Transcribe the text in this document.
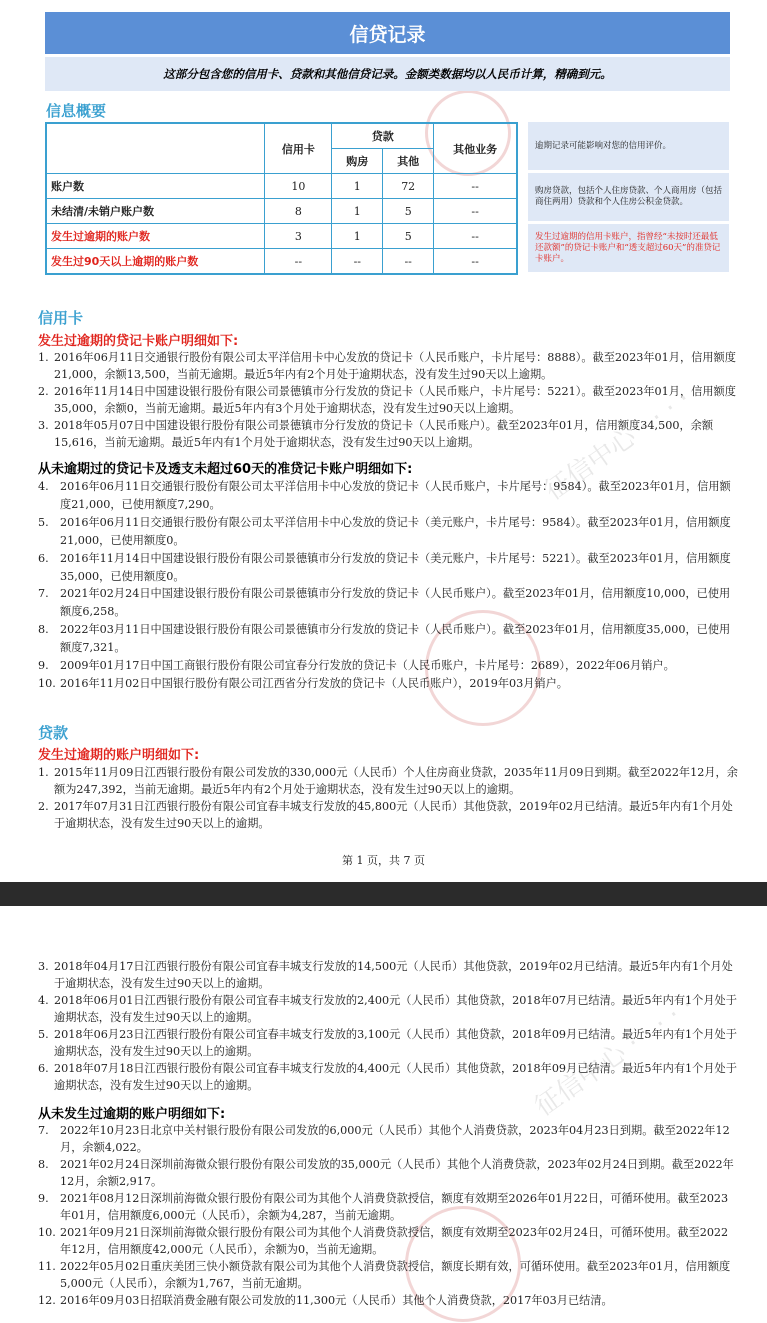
征信中心 · · · · ·
信贷记录
这部分包含您的信用卡、贷款和其他信贷记录。金额类数据均以人民币计算，精确到元。
信息概要
	信用卡	贷款		其他业务
		购房	其他	
账户数	10	1	72	--
未结清/未销户账户数	8	1	5	--
发生过逾期的账户数	3	1	5	--
发生过90天以上逾期的账户数	--	--	--	--
逾期记录可能影响对您的信用评价。
购房贷款，包括个人住房贷款、个人商用房（包括商住两用）贷款和个人住房公积金贷款。
发生过逾期的信用卡账户，指曾经“未按时还最低还款额”的贷记卡账户和“透支超过60天”的准贷记卡账户。
信用卡
发生过逾期的贷记卡账户明细如下:
1. 2016年06月11日交通银行股份有限公司太平洋信用卡中心发放的贷记卡（人民币账户，卡片尾号：8888）。截至2023年01月，信用额度21,000，余额13,500，当前无逾期。最近5年内有2个月处于逾期状态，没有发生过90天以上逾期。
2. 2016年11月14日中国建设银行股份有限公司景德镇市分行发放的贷记卡（人民币账户，卡片尾号：5221）。截至2023年01月，信用额度35,000，余额0，当前无逾期。最近5年内有3个月处于逾期状态，没有发生过90天以上逾期。
3. 2018年05月07日中国建设银行股份有限公司景德镇市分行发放的贷记卡（人民币账户）。截至2023年01月，信用额度34,500，余额15,616，当前无逾期。最近5年内有1个月处于逾期状态，没有发生过90天以上逾期。
从未逾期过的贷记卡及透支未超过60天的准贷记卡账户明细如下:
4. 2016年06月11日交通银行股份有限公司太平洋信用卡中心发放的贷记卡（人民币账户，卡片尾号：9584）。截至2023年01月，信用额度21,000，已使用额度7,290。
5. 2016年06月11日交通银行股份有限公司太平洋信用卡中心发放的贷记卡（美元账户，卡片尾号：9584）。截至2023年01月，信用额度21,000，已使用额度0。
6. 2016年11月14日中国建设银行股份有限公司景德镇市分行发放的贷记卡（美元账户，卡片尾号：5221）。截至2023年01月，信用额度35,000，已使用额度0。
7. 2021年02月24日中国建设银行股份有限公司景德镇市分行发放的贷记卡（人民币账户）。截至2023年01月，信用额度10,000，已使用额度6,258。
8. 2022年03月11日中国建设银行股份有限公司景德镇市分行发放的贷记卡（人民币账户）。截至2023年01月，信用额度35,000，已使用额度7,321。
9. 2009年01月17日中国工商银行股份有限公司宜春分行发放的贷记卡（人民币账户，卡片尾号：2689），2022年06月销户。
10. 2016年11月02日中国银行股份有限公司江西省分行发放的贷记卡（人民币账户），2019年03月销户。
贷款
发生过逾期的账户明细如下:
1. 2015年11月09日江西银行股份有限公司发放的330,000元（人民币）个人住房商业贷款，2035年11月09日到期。截至2022年12月，余额为247,392，当前无逾期。最近5年内有2个月处于逾期状态，没有发生过90天以上的逾期。
2. 2017年07月31日江西银行股份有限公司宜春丰城支行发放的45,800元（人民币）其他贷款，2019年02月已结清。最近5年内有1个月处于逾期状态，没有发生过90天以上的逾期。
第 1 页，共 7 页
征信中心 · · · · ·
3. 2018年04月17日江西银行股份有限公司宜春丰城支行发放的14,500元（人民币）其他贷款，2019年02月已结清。最近5年内有1个月处于逾期状态，没有发生过90天以上的逾期。
4. 2018年06月01日江西银行股份有限公司宜春丰城支行发放的2,400元（人民币）其他贷款，2018年07月已结清。最近5年内有1个月处于逾期状态，没有发生过90天以上的逾期。
5. 2018年06月23日江西银行股份有限公司宜春丰城支行发放的3,100元（人民币）其他贷款，2018年09月已结清。最近5年内有1个月处于逾期状态，没有发生过90天以上的逾期。
6. 2018年07月18日江西银行股份有限公司宜春丰城支行发放的4,400元（人民币）其他贷款，2018年09月已结清。最近5年内有1个月处于逾期状态，没有发生过90天以上的逾期。
从未发生过逾期的账户明细如下:
7. 2022年10月23日北京中关村银行股份有限公司发放的6,000元（人民币）其他个人消费贷款，2023年04月23日到期。截至2022年12月，余额4,022。
8. 2021年02月24日深圳前海微众银行股份有限公司发放的35,000元（人民币）其他个人消费贷款，2023年02月24日到期。截至2022年12月，余额2,917。
9. 2021年08月12日深圳前海微众银行股份有限公司为其他个人消费贷款授信，额度有效期至2026年01月22日，可循环使用。截至2023年01月，信用额度6,000元（人民币），余额为4,287，当前无逾期。
10. 2021年09月21日深圳前海微众银行股份有限公司为其他个人消费贷款授信，额度有效期至2023年02月24日，可循环使用。截至2022年12月，信用额度42,000元（人民币），余额为0，当前无逾期。
11. 2022年05月02日重庆美团三快小额贷款有限公司为其他个人消费贷款授信，额度长期有效，可循环使用。截至2023年01月，信用额度5,000元（人民币），余额为1,767，当前无逾期。
12. 2016年09月03日招联消费金融有限公司发放的11,300元（人民币）其他个人消费贷款，2017年03月已结清。
